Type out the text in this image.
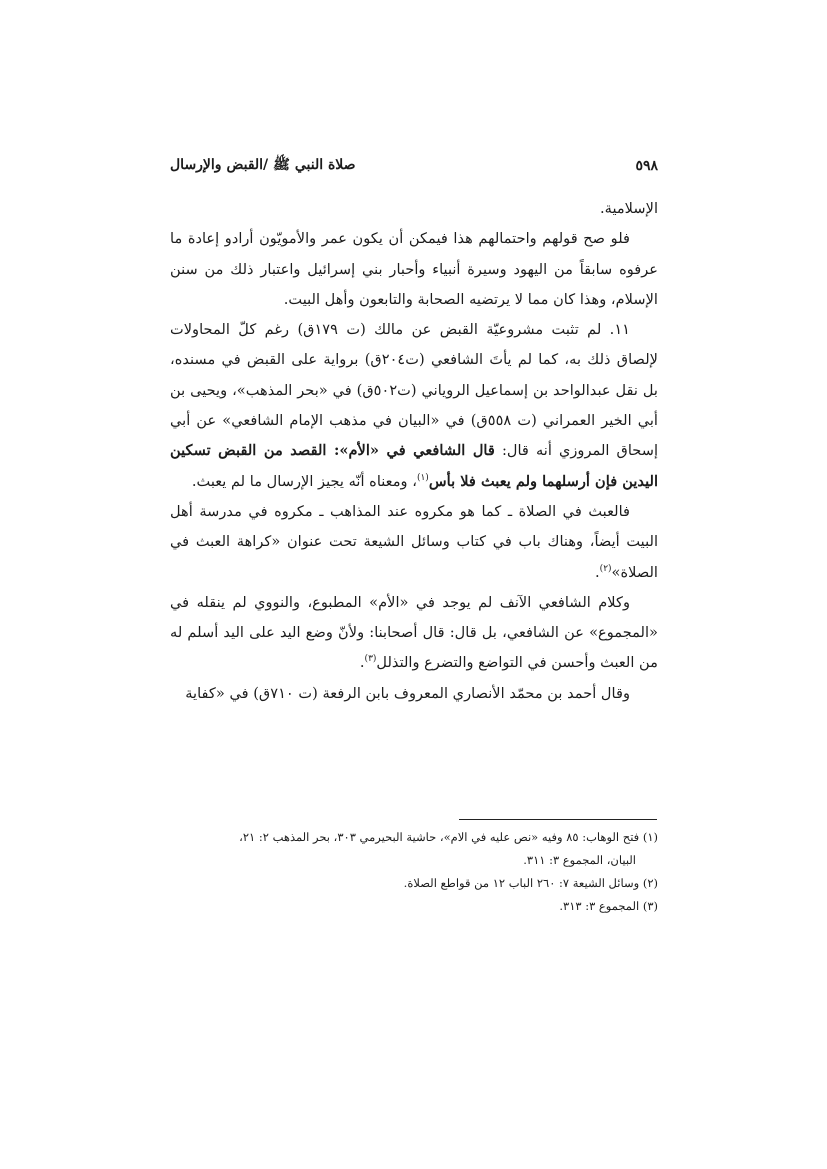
٥٩٨
صلاة النبي ﷺ /القبض والإرسال

الإسلامية.

فلو صح قولهم واحتمالهم هذا فيمكن أن يكون عمر والأمويّون أرادو إعادة ما عرفوه سابقاً من اليهود وسيرة أنبياء وأحبار بني إسرائيل واعتبار ذلك من سنن الإسلام، وهذا كان مما لا يرتضيه الصحابة والتابعون وأهل البيت.

١١. لم تثبت مشروعيّة القبض عن مالك (ت ١٧٩ق) رغم كلّ المحاولات لإلصاق ذلك به، كما لم يأتَ الشافعي (ت٢٠٤ق) برواية على القبض في مسنده، بل نقل عبدالواحد بن إسماعيل الروياني (ت٥٠٢ق) في «بحر المذهب»، ويحيى بن أبي الخير العمراني (ت ٥٥٨ق) في «البيان في مذهب الإمام الشافعي» عن أبي إسحاق المروزي أنه قال: قال الشافعي في «الأم»: القصد من القبض تسكين اليدين فإن أرسلهما ولم يعبث فلا بأس$^{(١)}$، ومعناه أنّه يجيز الإرسال ما لم يعبث.

فالعبث في الصلاة ـ كما هو مكروه عند المذاهب ـ مكروه في مدرسة أهل البيت أيضاً، وهناك باب في كتاب وسائل الشيعة تحت عنوان «كراهة العبث في الصلاة»$^{(٢)}$.

وكلام الشافعي الآنف لم يوجد في «الأم» المطبوع، والنووي لم ينقله في «المجموع» عن الشافعي، بل قال: قال أصحابنا: ولأنّ وضع اليد على اليد أسلم له من العبث وأحسن في التواضع والتضرع والتذلل$^{(٣)}$.

وقال أحمد بن محمّد الأنصاري المعروف بابن الرفعة (ت ٧١٠ق) في «كفاية

(١) فتح الوهاب: ٨٥ وفيه «نص عليه في الام»، حاشية البحيرمي ٣٠٣، بحر المذهب ٢: ٢١،

البيان، المجموع ٣: ٣١١.

(٢) وسائل الشيعة ٧: ٢٦٠ الباب ١٢ من قواطع الصلاة.

(٣) المجموع ٣: ٣١٣.
